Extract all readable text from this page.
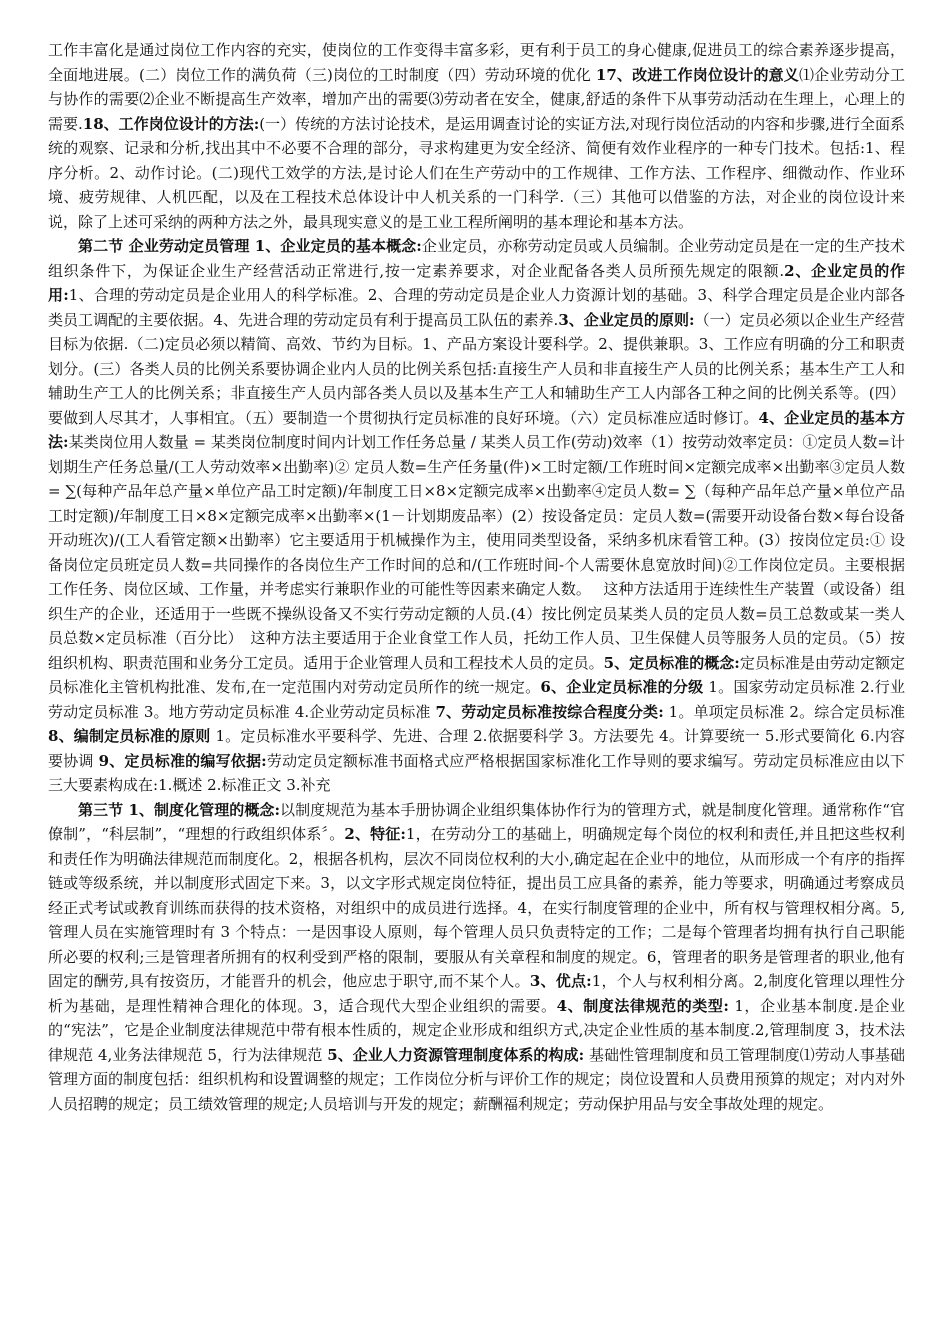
工作丰富化是通过岗位工作内容的充实，使岗位的工作变得丰富多彩，更有利于员工的身心健康,促进员工的综合素养逐步提高，全面地进展。(二）岗位工作的满负荷（三)岗位的工时制度（四）劳动环境的优化 17、改进工作岗位设计的意义⑴企业劳动分工与协作的需要⑵企业不断提高生产效率，增加产出的需要⑶劳动者在安全，健康,舒适的条件下从事劳动活动在生理上，心理上的需要.18、工作岗位设计的方法:(一）传统的方法讨论技术，是运用调查讨论的实证方法,对现行岗位活动的内容和步骤,进行全面系统的观察、记录和分析,找出其中不必要不合理的部分，寻求构建更为安全经济、简便有效作业程序的一种专门技术。包括:1、程序分析。2、动作讨论。(二)现代工效学的方法,是讨论人们在生产劳动中的工作规律、工作方法、工作程序、细微动作、作业环境、疲劳规律、人机匹配，以及在工程技术总体设计中人机关系的一门科学.（三）其他可以借鉴的方法，对企业的岗位设计来说，除了上述可采纳的两种方法之外，最具现实意义的是工业工程所阐明的基本理论和基本方法。

第二节 企业劳动定员管理 1、企业定员的基本概念:企业定员，亦称劳动定员或人员编制。企业劳动定员是在一定的生产技术组织条件下，为保证企业生产经营活动正常进行,按一定素养要求，对企业配备各类人员所预先规定的限额.2、企业定员的作用:1、合理的劳动定员是企业用人的科学标准。2、合理的劳动定员是企业人力资源计划的基础。3、科学合理定员是企业内部各类员工调配的主要依据。4、先进合理的劳动定员有利于提高员工队伍的素养.3、企业定员的原则:（一）定员必须以企业生产经营目标为依据.（二)定员必须以精简、高效、节约为目标。1、产品方案设计要科学。2、提供兼职。3、工作应有明确的分工和职责划分。(三）各类人员的比例关系要协调企业内人员的比例关系包括:直接生产人员和非直接生产人员的比例关系；基本生产工人和辅助生产工人的比例关系；非直接生产人员内部各类人员以及基本生产工人和辅助生产工人内部各工种之间的比例关系等。(四）要做到人尽其才，人事相宜。（五）要制造一个贯彻执行定员标准的良好环境。（六）定员标准应适时修订。4、企业定员的基本方法:某类岗位用人数量 = 某类岗位制度时间内计划工作任务总量 / 某类人员工作(劳动)效率（1）按劳动效率定员：①定员人数=计划期生产任务总量/(工人劳动效率×出勤率)② 定员人数=生产任务量(件)×工时定额/工作班时间×定额完成率×出勤率③定员人数= ∑(每种产品年总产量×单位产品工时定额)/年制度工日×8×定额完成率×出勤率④定员人数= ∑（每种产品年总产量×单位产品工时定额)/年制度工日×8×定额完成率×出勤率×(1－计划期废品率）(2）按设备定员：定员人数=(需要开动设备台数×每台设备开动班次)/(工人看管定额×出勤率）它主要适用于机械操作为主，使用同类型设备，采纳多机床看管工种。(3）按岗位定员:① 设备岗位定员班定员人数=共同操作的各岗位生产工作时间的总和/(工作班时间-个人需要休息宽放时间)②工作岗位定员。主要根据工作任务、岗位区域、工作量，并考虑实行兼职作业的可能性等因素来确定人数。　 这种方法适用于连续性生产装置（或设备）组织生产的企业，还适用于一些既不操纵设备又不实行劳动定额的人员.(4）按比例定员某类人员的定员人数=员工总数或某一类人员总数×定员标准（百分比）　这种方法主要适用于企业食堂工作人员，托幼工作人员、卫生保健人员等服务人员的定员。（5）按组织机构、职责范围和业务分工定员。适用于企业管理人员和工程技术人员的定员。5、定员标准的概念:定员标准是由劳动定额定员标准化主管机构批准、发布,在一定范围内对劳动定员所作的统一规定。6、企业定员标准的分级 1。国家劳动定员标准 2.行业劳动定员标准 3。地方劳动定员标准 4.企业劳动定员标准 7、劳动定员标准按综合程度分类: 1。单项定员标准 2。综合定员标准 8、编制定员标准的原则 1。定员标准水平要科学、先进、合理 2.依据要科学 3。方法要先 4。计算要统一 5.形式要简化 6.内容要协调 9、定员标准的编写依据:劳动定员定额标准书面格式应严格根据国家标准化工作导则的要求编写。劳动定员标准应由以下三大要素构成在:1.概述 2.标准正文 3.补充

第三节 1、制度化管理的概念:以制度规范为基本手册协调企业组织集体协作行为的管理方式，就是制度化管理。通常称作“官僚制”，“科层制”，“理想的行政组织体系〞。2、特征:1，在劳动分工的基础上，明确规定每个岗位的权利和责任,并且把这些权利和责任作为明确法律规范而制度化。2，根据各机构，层次不同岗位权利的大小,确定起在企业中的地位，从而形成一个有序的指挥链或等级系统，并以制度形式固定下来。3，以文字形式规定岗位特征，提出员工应具备的素养，能力等要求，明确通过考察成员经正式考试或教育训练而获得的技术资格，对组织中的成员进行选择。4，在实行制度管理的企业中，所有权与管理权相分离。5,管理人员在实施管理时有 3 个特点：一是因事设人原则，每个管理人员只负责特定的工作；二是每个管理者均拥有执行自己职能所必要的权利;三是管理者所拥有的权利受到严格的限制，要服从有关章程和制度的规定。6，管理者的职务是管理者的职业,他有固定的酬劳,具有按资历，才能晋升的机会，他应忠于职守,而不某个人。3、优点:1，个人与权利相分离。2,制度化管理以理性分析为基础，是理性精神合理化的体现。3，适合现代大型企业组织的需要。4、制度法律规范的类型: 1，企业基本制度.是企业的“宪法”，它是企业制度法律规范中带有根本性质的，规定企业形成和组织方式,决定企业性质的基本制度.2,管理制度 3，技术法律规范 4,业务法律规范 5，行为法律规范 5、企业人力资源管理制度体系的构成: 基础性管理制度和员工管理制度⑴劳动人事基础管理方面的制度包括：组织机构和设置调整的规定；工作岗位分析与评价工作的规定；岗位设置和人员费用预算的规定；对内对外人员招聘的规定；员工绩效管理的规定;人员培训与开发的规定；薪酬福利规定；劳动保护用品与安全事故处理的规定。
